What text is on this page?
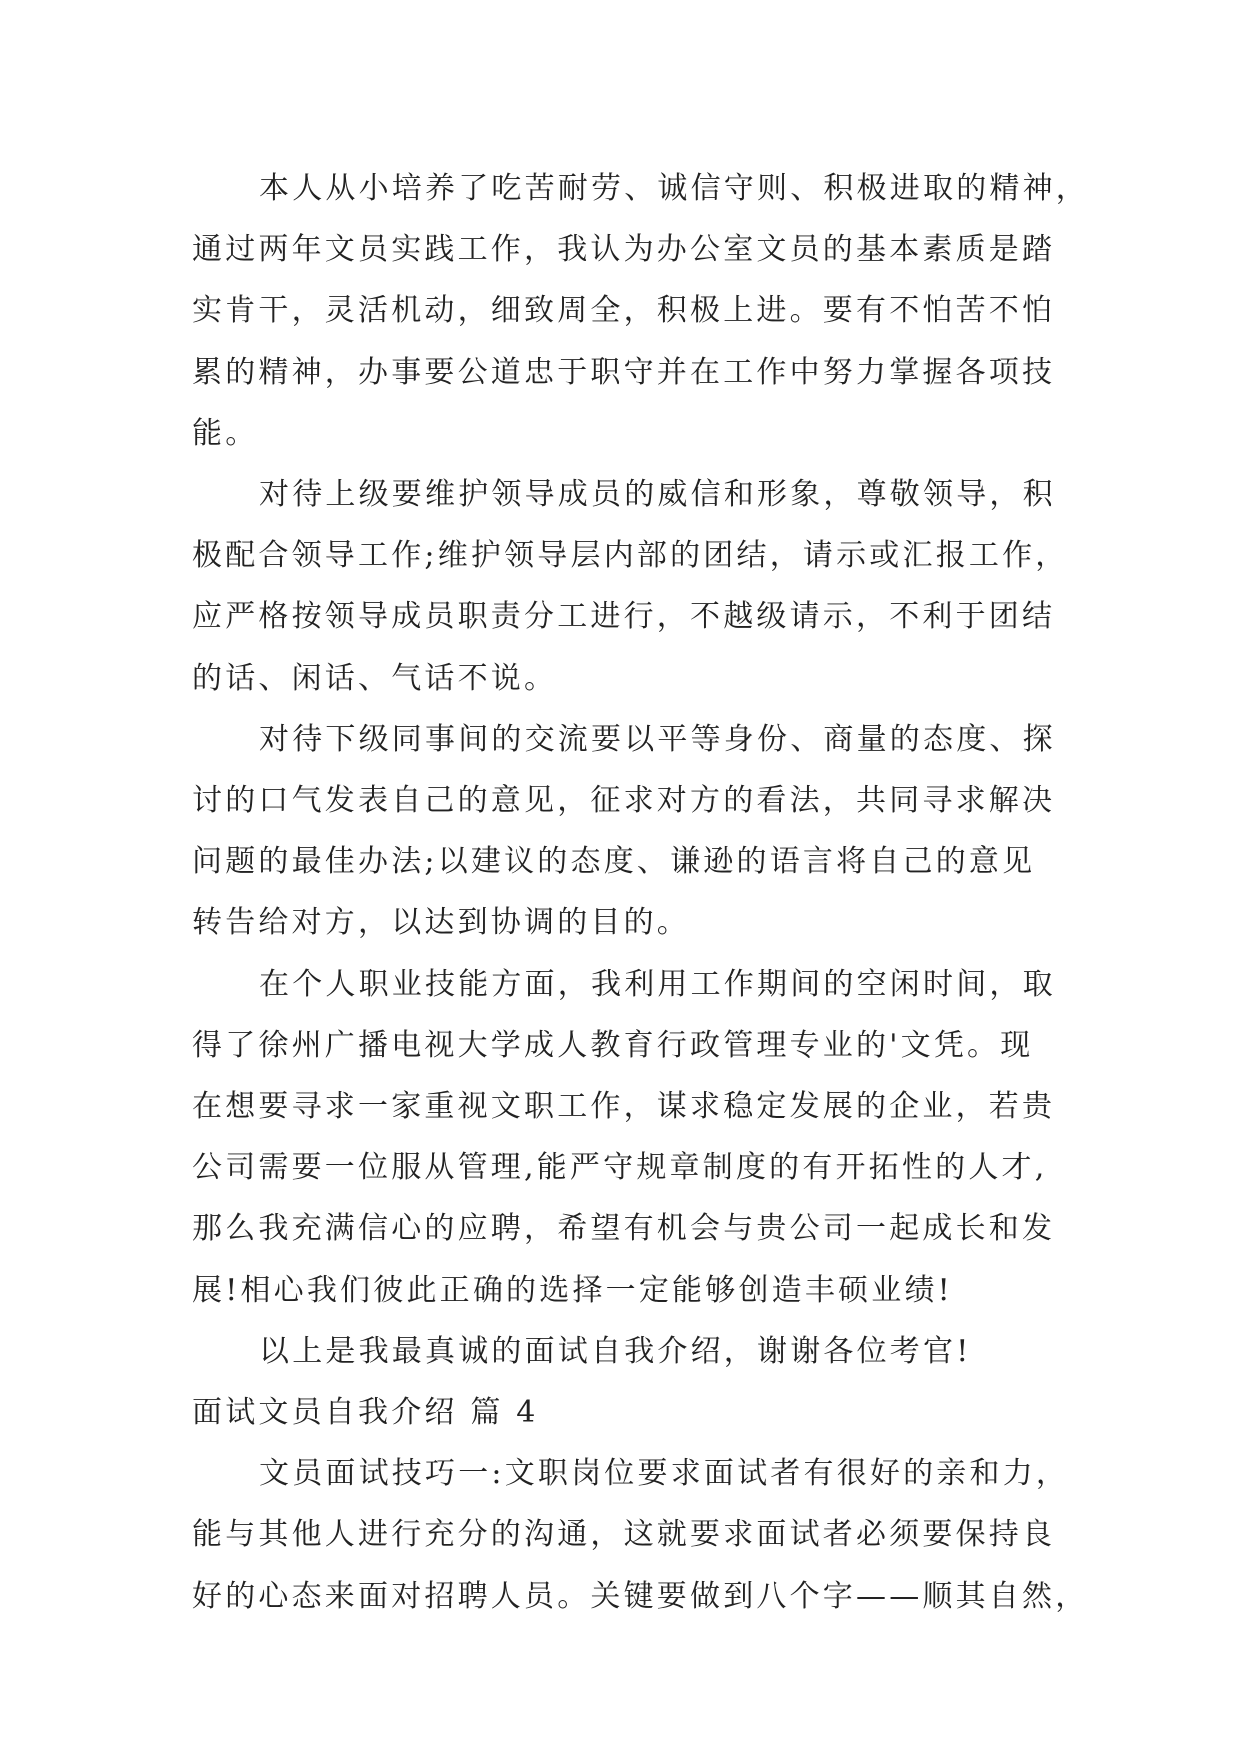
本人从小培养了吃苦耐劳、诚信守则、积极进取的精神，
通过两年文员实践工作，我认为办公室文员的基本素质是踏
实肯干，灵活机动，细致周全，积极上进。要有不怕苦不怕
累的精神，办事要公道忠于职守并在工作中努力掌握各项技
能。
对待上级要维护领导成员的威信和形象，尊敬领导，积
极配合领导工作;维护领导层内部的团结，请示或汇报工作，
应严格按领导成员职责分工进行，不越级请示，不利于团结
的话、闲话、气话不说。
对待下级同事间的交流要以平等身份、商量的态度、探
讨的口气发表自己的意见，征求对方的看法，共同寻求解决
问题的最佳办法;以建议的态度、谦逊的语言将自己的意见
转告给对方，以达到协调的目的。
在个人职业技能方面，我利用工作期间的空闲时间，取
得了徐州广播电视大学成人教育行政管理专业的'文凭。现
在想要寻求一家重视文职工作，谋求稳定发展的企业，若贵
公司需要一位服从管理,能严守规章制度的有开拓性的人才,
那么我充满信心的应聘，希望有机会与贵公司一起成长和发
展!相心我们彼此正确的选择一定能够创造丰硕业绩!
以上是我最真诚的面试自我介绍，谢谢各位考官!
面试文员自我介绍 篇 4
文员面试技巧一:文职岗位要求面试者有很好的亲和力，
能与其他人进行充分的沟通，这就要求面试者必须要保持良
好的心态来面对招聘人员。关键要做到八个字——顺其自然，
